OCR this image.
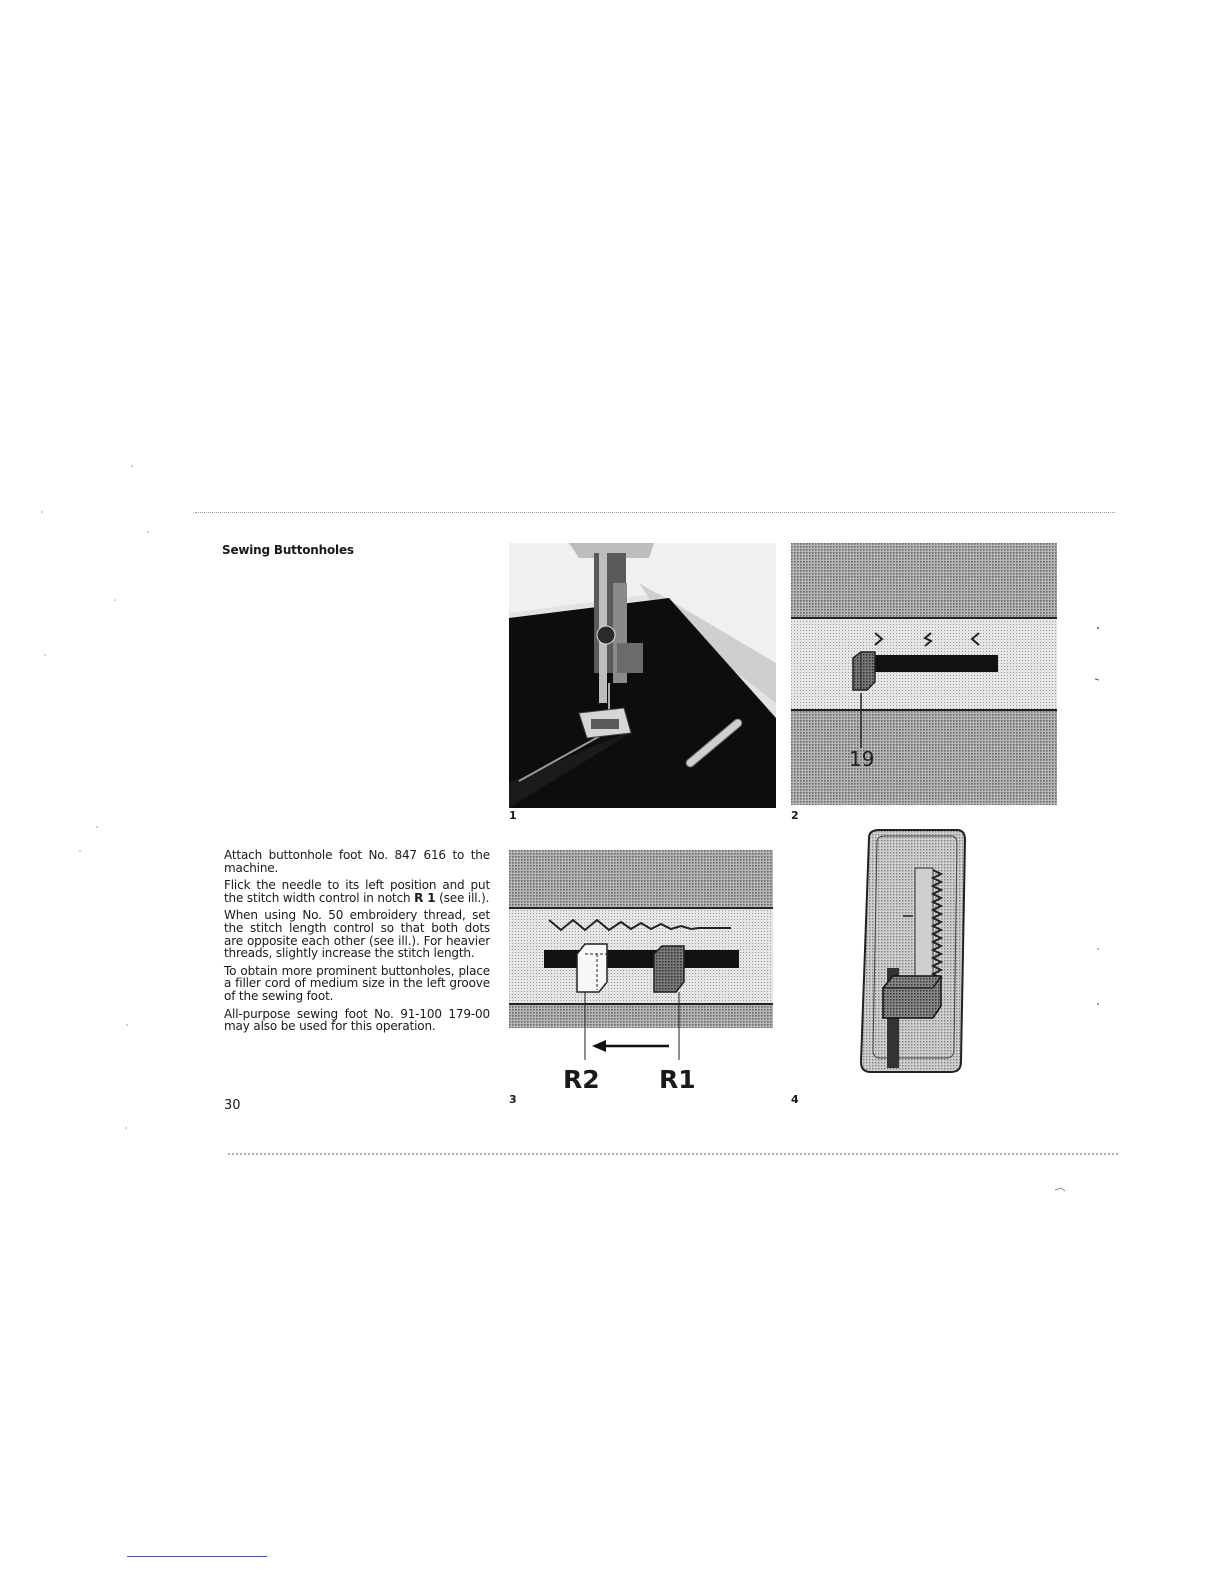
Sewing Buttonholes

Attach buttonhole foot No. 847 616 to the machine.

Flick the needle to its left position and put the stitch width control in notch R 1 (see ill.).

When using No. 50 embroidery thread, set the stitch length control so that both dots are opposite each other (see ill.). For heavier threads, slightly increase the stitch length.

To obtain more prominent buttonholes, place a filler cord of medium size in the left groove of the sewing foot.

All-purpose sewing foot No. 91-100 179-00 may also be used for this operation.

30
1
19
2
R2 R1
3	4
